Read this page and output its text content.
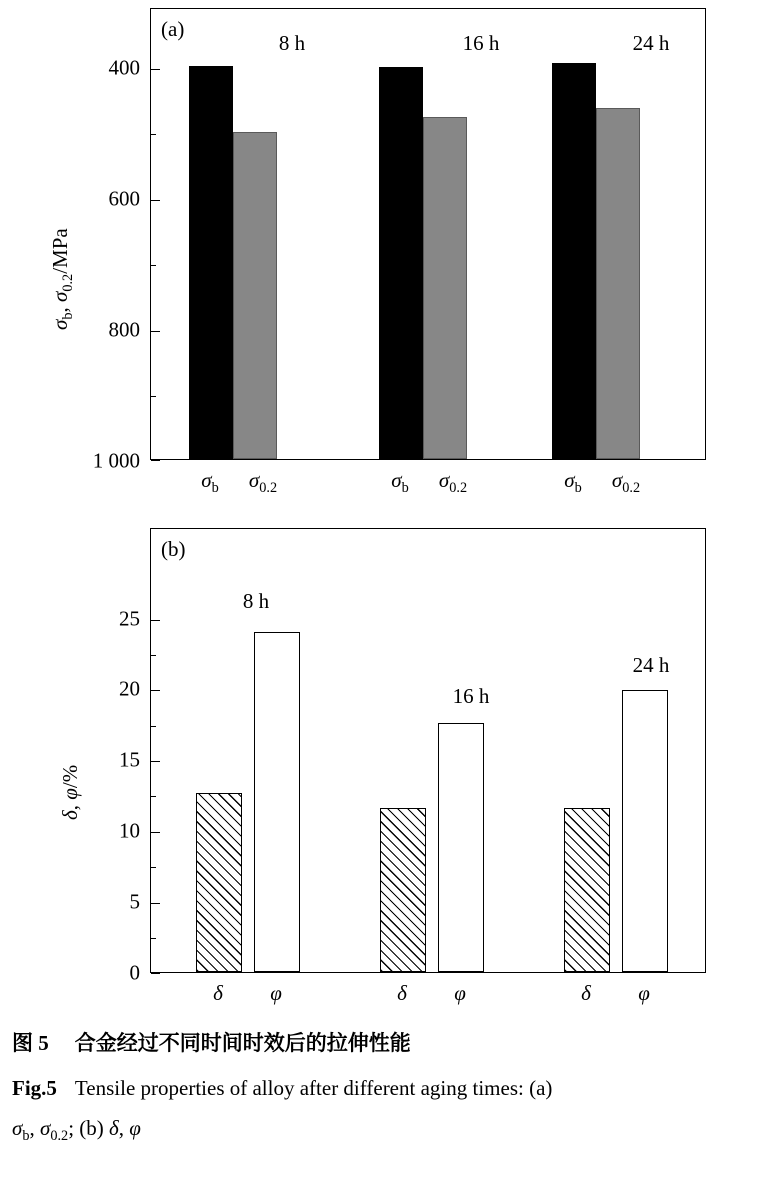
$\sigma_b$, $\sigma_{0.2}$/MPa
1 000
800
600
400
(a)
8 h	16 h	24 h
$\sigma_b$ $\sigma_{0.2}$	$\sigma_b$ $\sigma_{0.2}$	$\sigma_b$ $\sigma_{0.2}$
δ, φ/%
25
20
15
10
5
0
(b)
8 h
16 h
24 h
δ φ	δ φ	δ φ
图 5 合金经过不同时间时效后的拉伸性能
Fig.5 Tensile properties of alloy after different aging times: (a)
$\sigma_b$, $\sigma_{0.2}$; (b) δ, φ
